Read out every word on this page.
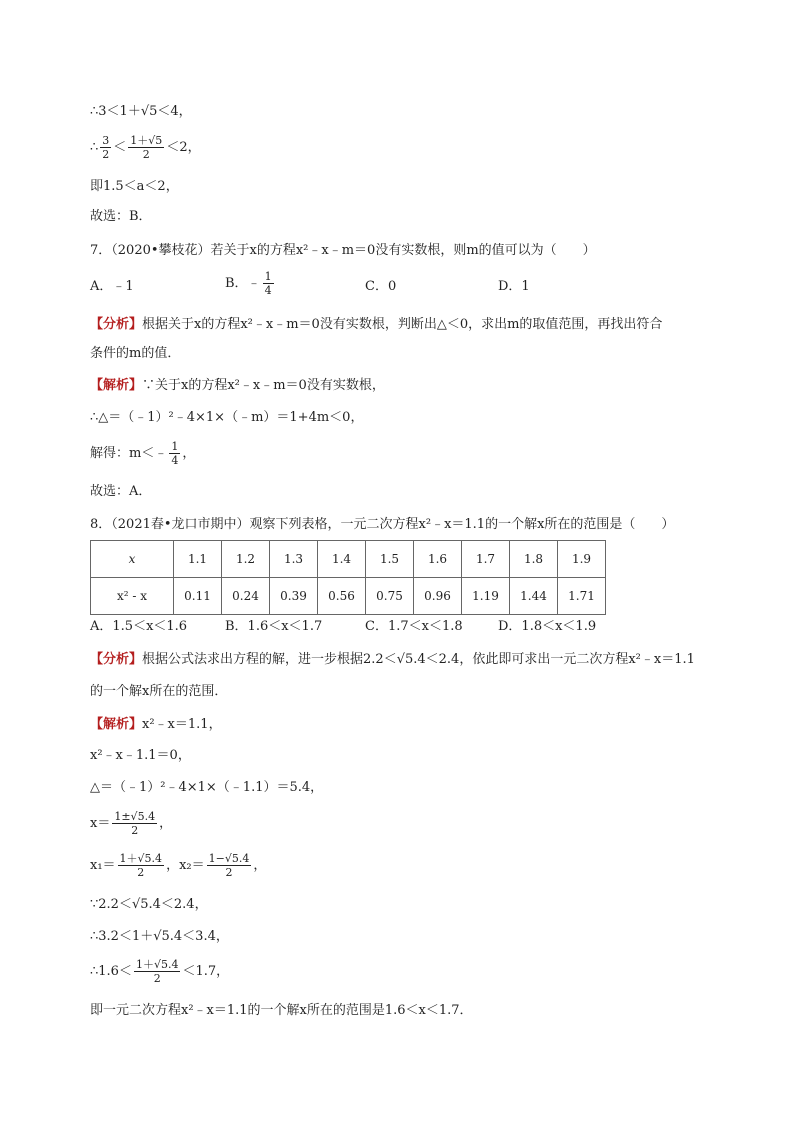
∴3＜1＋√5＜4，
∴ $\frac{3}{2} < \frac{1+√5}{2} <2$，
即1.5＜a＜2，
故选：B．
7．（2020•攀枝花）若关于x的方程x²﹣x﹣m＝0没有实数根，则m的值可以为（　　）
A．﹣1	B．﹣ $\frac{1}{4}$	C．0	D．1
【分析】根据关于x的方程x²﹣x﹣m＝0没有实数根，判断出△＜0，求出m的取值范围，再找出符合
条件的m的值．
【解析】∵关于x的方程x²﹣x﹣m＝0没有实数根，
∴△＝（﹣1）²﹣4×1×（﹣m）＝1+4m＜0，
解得：m＜﹣ $\frac{1}{4}$ ，
故选：A．
8．（2021春•龙口市期中）观察下列表格，一元二次方程x²﹣x＝1.1的一个解x所在的范围是（　　）
x	1.1	1.2	1.3	1.4	1.5	1.6	1.7	1.8	1.9
x² - x	0.11	0.24	0.39	0.56	0.75	0.96	1.19	1.44	1.71
A．1.5＜x＜1.6	B．1.6＜x＜1.7	C．1.7＜x＜1.8	D．1.8＜x＜1.9
【分析】根据公式法求出方程的解，进一步根据2.2＜√5.4＜2.4，依此即可求出一元二次方程x²﹣x＝1.1
的一个解x所在的范围．
【解析】x²﹣x＝1.1，
x²﹣x﹣1.1＝0，
△＝（﹣1）²﹣4×1×（﹣1.1）＝5.4，
$x= \frac{1\pm√5.4}{2}$ ，
$x_1= \frac{1+√5.4}{2}$ ，$x_2= \frac{1-√5.4}{2}$ ，
∵2.2＜√5.4＜2.4，
∴3.2＜1＋√5.4＜3.4，
∴1.6＜ $\frac{1+√5.4}{2} <1.7$，
即一元二次方程x²﹣x＝1.1的一个解x所在的范围是1.6＜x＜1.7．
